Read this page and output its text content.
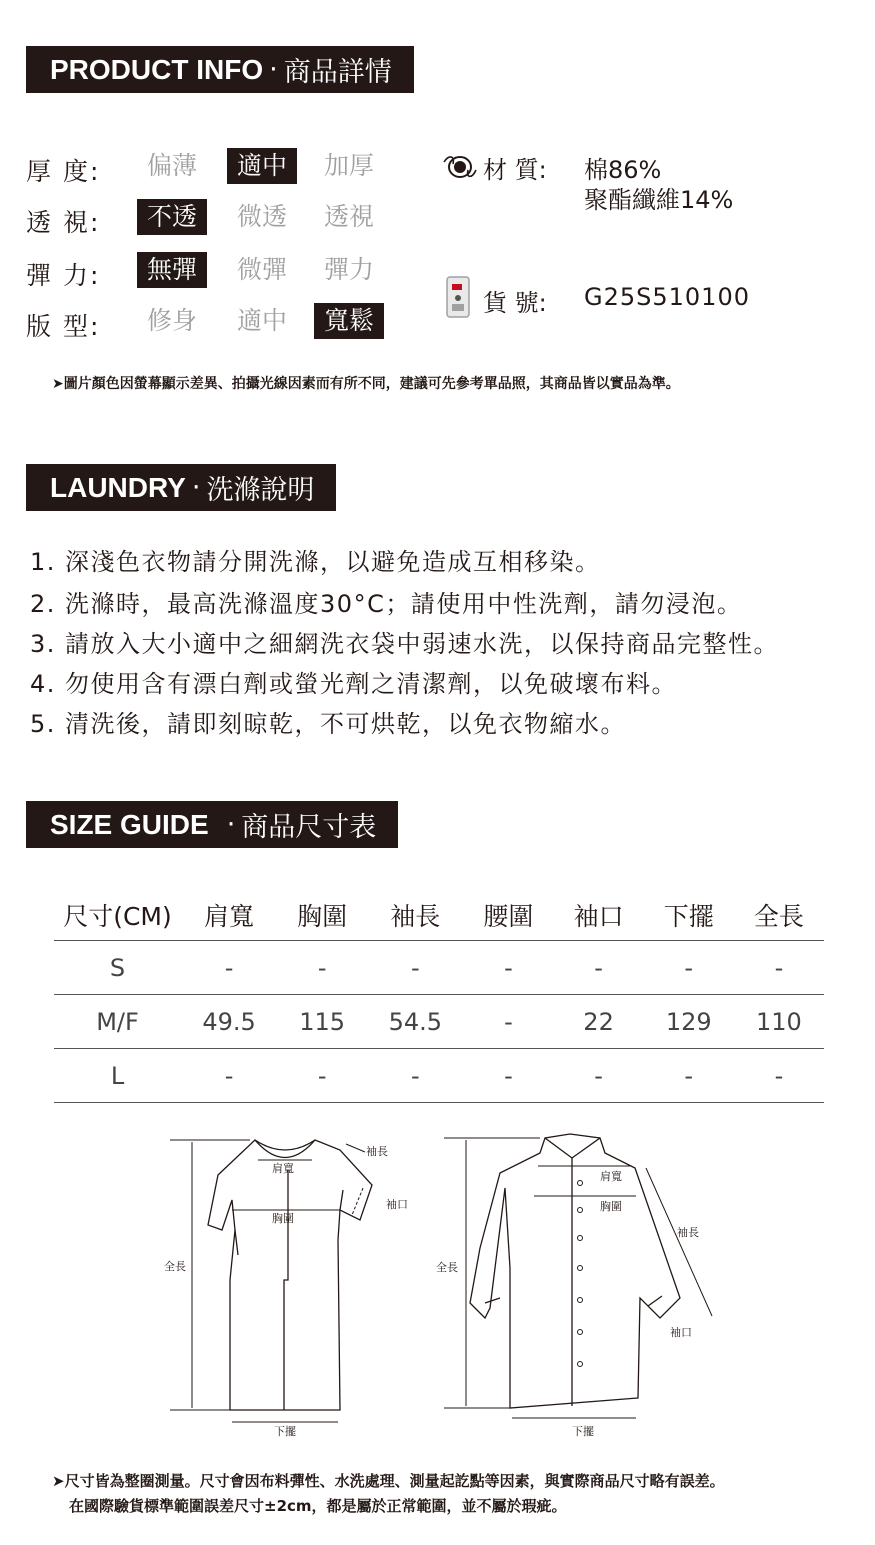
PRODUCT INFO · 商品詳情
厚 度:	偏薄	適中	加厚
透 視:	不透	微透	透視
彈 力:	無彈	微彈	彈力
版 型:	修身	適中	寬鬆
材 質: 棉86%
聚酯纖維14%
貨 號: G25S510100
➤圖片顏色因螢幕顯示差異、拍攝光線因素而有所不同，建議可先參考單品照，其商品皆以實品為準。
LAUNDRY · 洗滌說明
1. 深淺色衣物請分開洗滌，以避免造成互相移染。
2. 洗滌時，最高洗滌溫度30°C；請使用中性洗劑，請勿浸泡。
3. 請放入大小適中之細網洗衣袋中弱速水洗，以保持商品完整性。
4. 勿使用含有漂白劑或螢光劑之清潔劑，以免破壞布料。
5. 清洗後，請即刻晾乾，不可烘乾，以免衣物縮水。
SIZE GUIDE · 商品尺寸表
尺寸(CM)	肩寬	胸圍	袖長	腰圍	袖口	下擺	全長
S	-	-	-	-	-	-	-
M/F	49.5	115	54.5	-	22	129	110
L	-	-	-	-	-	-	-
全長
胸圍
肩寬
袖長
袖口
下擺
全長
肩寬
胸圍
袖長
袖口
下擺
➤尺寸皆為整圈測量。尺寸會因布料彈性、水洗處理、測量起訖點等因素，與實際商品尺寸略有誤差。
在國際驗貨標準範圍誤差尺寸±2cm，都是屬於正常範圍，並不屬於瑕疵。
